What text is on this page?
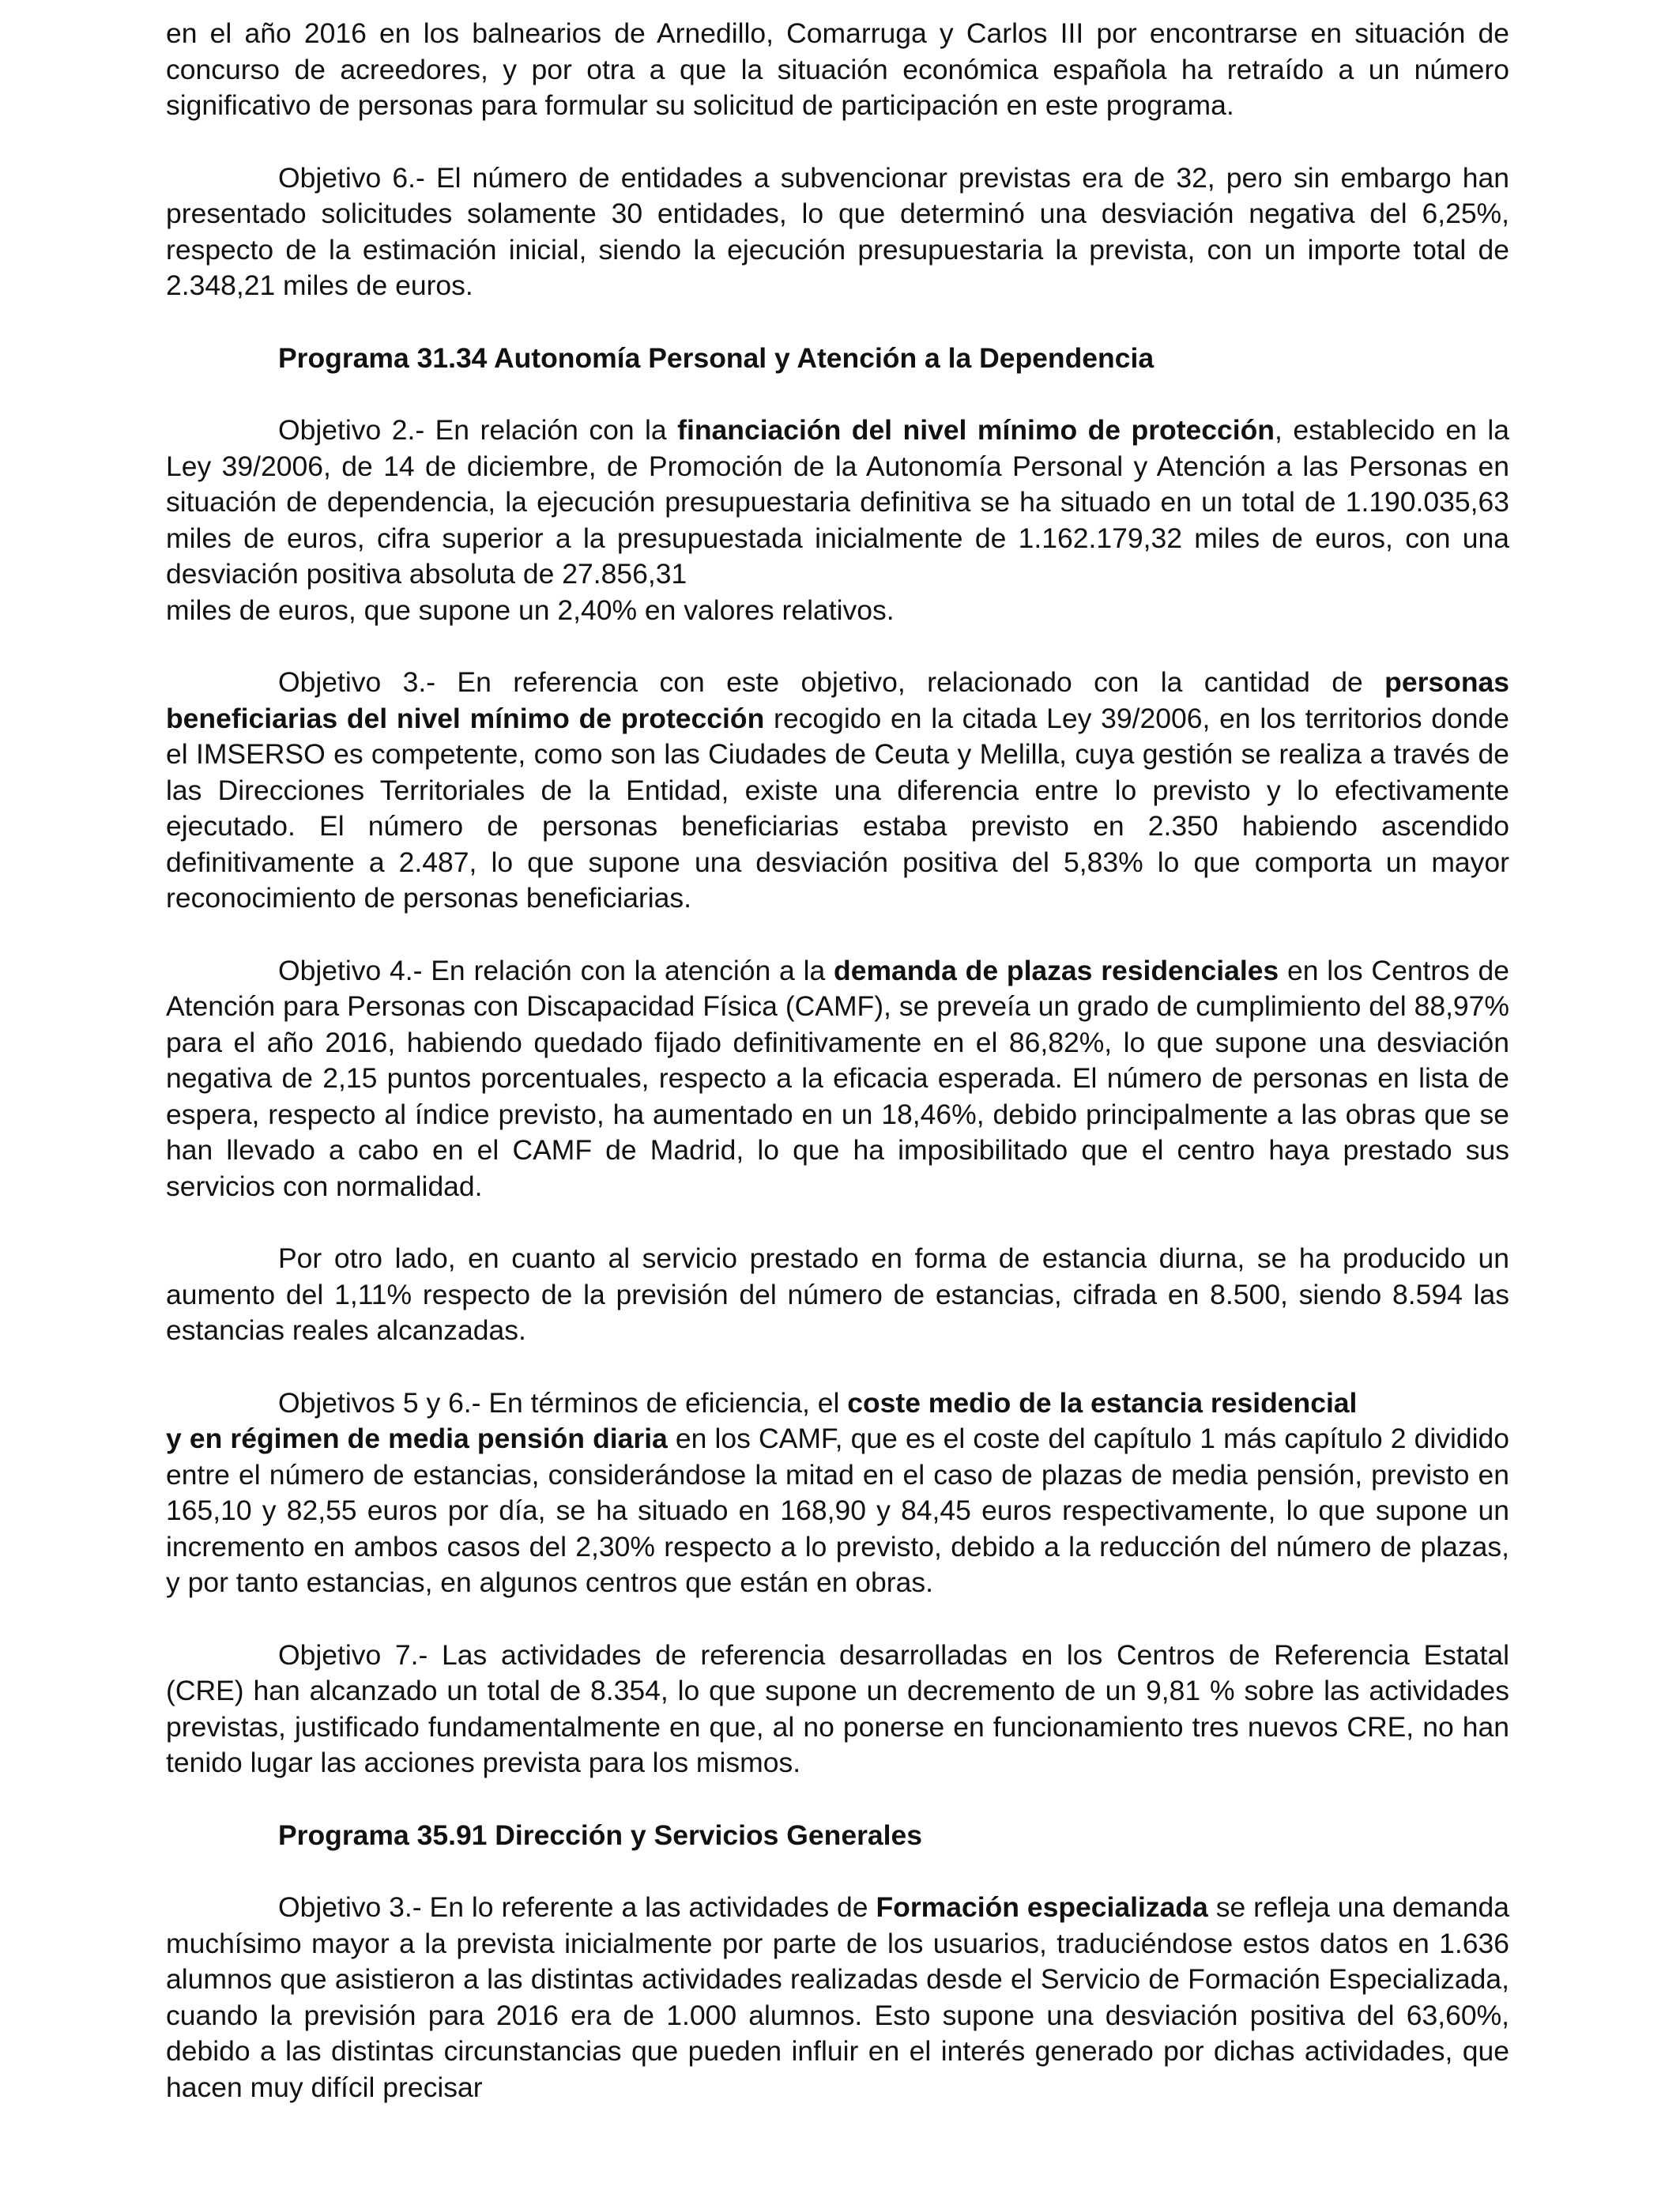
en el año 2016 en los balnearios de Arnedillo, Comarruga y Carlos III por encontrarse en situación de concurso de acreedores, y por otra a que la situación económica española ha retraído a un número significativo de personas para formular su solicitud de participación en este programa.

Objetivo 6.- El número de entidades a subvencionar previstas era de 32, pero sin embargo han presentado solicitudes solamente 30 entidades, lo que determinó una desviación negativa del 6,25%, respecto de la estimación inicial, siendo la ejecución presupuestaria la prevista, con un importe total de 2.348,21 miles de euros.

Programa 31.34 Autonomía Personal y Atención a la Dependencia

Objetivo 2.- En relación con la financiación del nivel mínimo de protección, establecido en la Ley 39/2006, de 14 de diciembre, de Promoción de la Autonomía Personal y Atención a las Personas en situación de dependencia, la ejecución presupuestaria definitiva se ha situado en un total de 1.190.035,63 miles de euros, cifra superior a la presupuestada inicialmente de 1.162.179,32 miles de euros, con una desviación positiva absoluta de 27.856,31
miles de euros, que supone un 2,40% en valores relativos.

Objetivo 3.- En referencia con este objetivo, relacionado con la cantidad de personas beneficiarias del nivel mínimo de protección recogido en la citada Ley 39/2006, en los territorios donde el IMSERSO es competente, como son las Ciudades de Ceuta y Melilla, cuya gestión se realiza a través de las Direcciones Territoriales de la Entidad, existe una diferencia entre lo previsto y lo efectivamente ejecutado. El número de personas beneficiarias estaba previsto en 2.350 habiendo ascendido definitivamente a 2.487, lo que supone una desviación positiva del 5,83% lo que comporta un mayor reconocimiento de personas beneficiarias.

Objetivo 4.- En relación con la atención a la demanda de plazas residenciales en los Centros de Atención para Personas con Discapacidad Física (CAMF), se preveía un grado de cumplimiento del 88,97% para el año 2016, habiendo quedado fijado definitivamente en el 86,82%, lo que supone una desviación negativa de 2,15 puntos porcentuales, respecto a la eficacia esperada. El número de personas en lista de espera, respecto al índice previsto, ha aumentado en un 18,46%, debido principalmente a las obras que se han llevado a cabo en el CAMF de Madrid, lo que ha imposibilitado que el centro haya prestado sus servicios con normalidad.

Por otro lado, en cuanto al servicio prestado en forma de estancia diurna, se ha producido un aumento del 1,11% respecto de la previsión del número de estancias, cifrada en 8.500, siendo 8.594 las estancias reales alcanzadas.

Objetivos 5 y 6.- En términos de eficiencia, el coste medio de la estancia residencial
y en régimen de media pensión diaria en los CAMF, que es el coste del capítulo 1 más capítulo 2 dividido entre el número de estancias, considerándose la mitad en el caso de plazas de media pensión, previsto en 165,10 y 82,55 euros por día, se ha situado en 168,90 y 84,45 euros respectivamente, lo que supone un incremento en ambos casos del 2,30% respecto a lo previsto, debido a la reducción del número de plazas, y por tanto estancias, en algunos centros que están en obras.

Objetivo 7.- Las actividades de referencia desarrolladas en los Centros de Referencia Estatal (CRE) han alcanzado un total de 8.354, lo que supone un decremento de un 9,81 % sobre las actividades previstas, justificado fundamentalmente en que, al no ponerse en funcionamiento tres nuevos CRE, no han tenido lugar las acciones prevista para los mismos.

Programa 35.91 Dirección y Servicios Generales

Objetivo 3.- En lo referente a las actividades de Formación especializada se refleja una demanda muchísimo mayor a la prevista inicialmente por parte de los usuarios, traduciéndose estos datos en 1.636 alumnos que asistieron a las distintas actividades realizadas desde el Servicio de Formación Especializada, cuando la previsión para 2016 era de 1.000 alumnos. Esto supone una desviación positiva del 63,60%, debido a las distintas circunstancias que pueden influir en el interés generado por dichas actividades, que hacen muy difícil precisar
